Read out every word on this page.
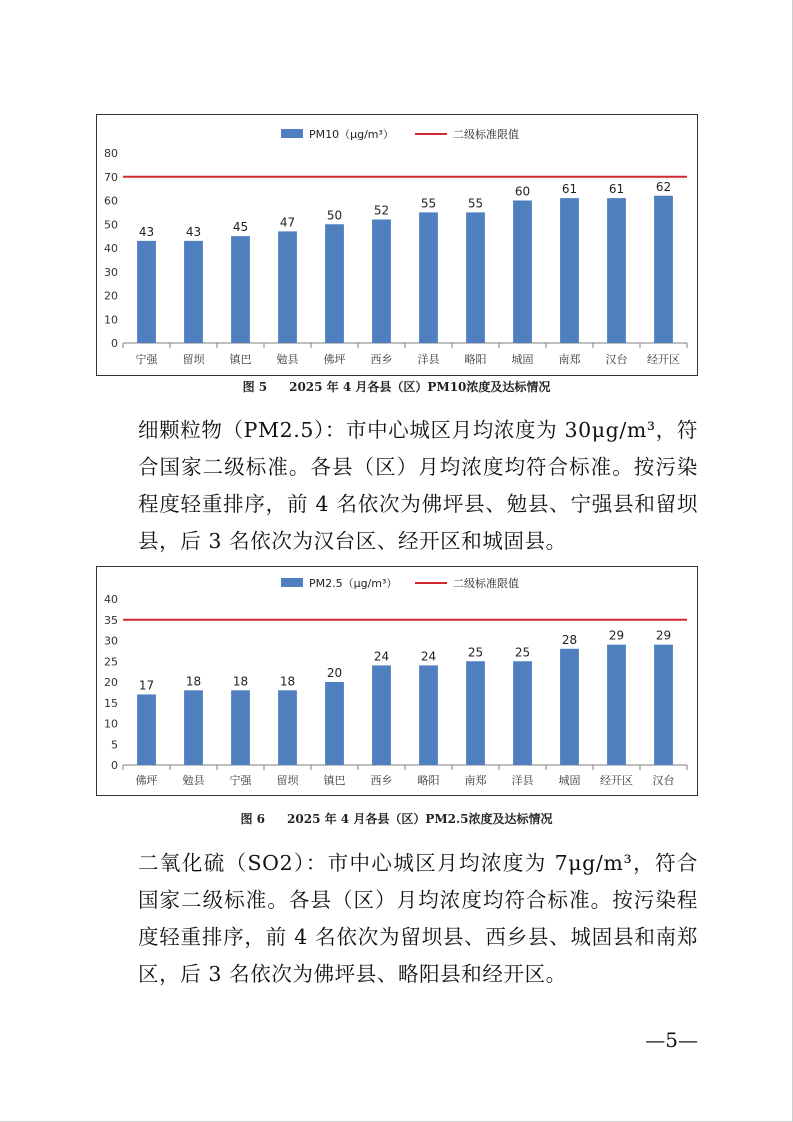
0
10
20
30
40
50
60
70
80
43
宁强
43
留坝
45
镇巴
47
勉县
50
佛坪
52
西乡
55
洋县
55
略阳
60
城固
61
南郑
61
汉台
62
经开区
PM10（μg/m³）	二级标准限值
图 5 2025 年 4 月各县（区）PM10浓度及达标情况
细颗粒物（PM2.5）：市中心城区月均浓度为 30μg/m³，符合国家二级标准。各县（区）月均浓度均符合标准。按污染程度轻重排序，前 4 名依次为佛坪县、勉县、宁强县和留坝县，后 3 名依次为汉台区、经开区和城固县。
0
5
10
15
20
25
30
35
40
17
佛坪
18
勉县
18
宁强
18
留坝
20
镇巴
24
西乡
24
略阳
25
南郑
25
洋县
28
城固
29
经开区
29
汉台
PM2.5（μg/m³）	二级标准限值
图 6 2025 年 4 月各县（区）PM2.5浓度及达标情况
二氧化硫（SO2）：市中心城区月均浓度为 7μg/m³，符合国家二级标准。各县（区）月均浓度均符合标准。按污染程度轻重排序，前 4 名依次为留坝县、西乡县、城固县和南郑区，后 3 名依次为佛坪县、略阳县和经开区。
—5—
